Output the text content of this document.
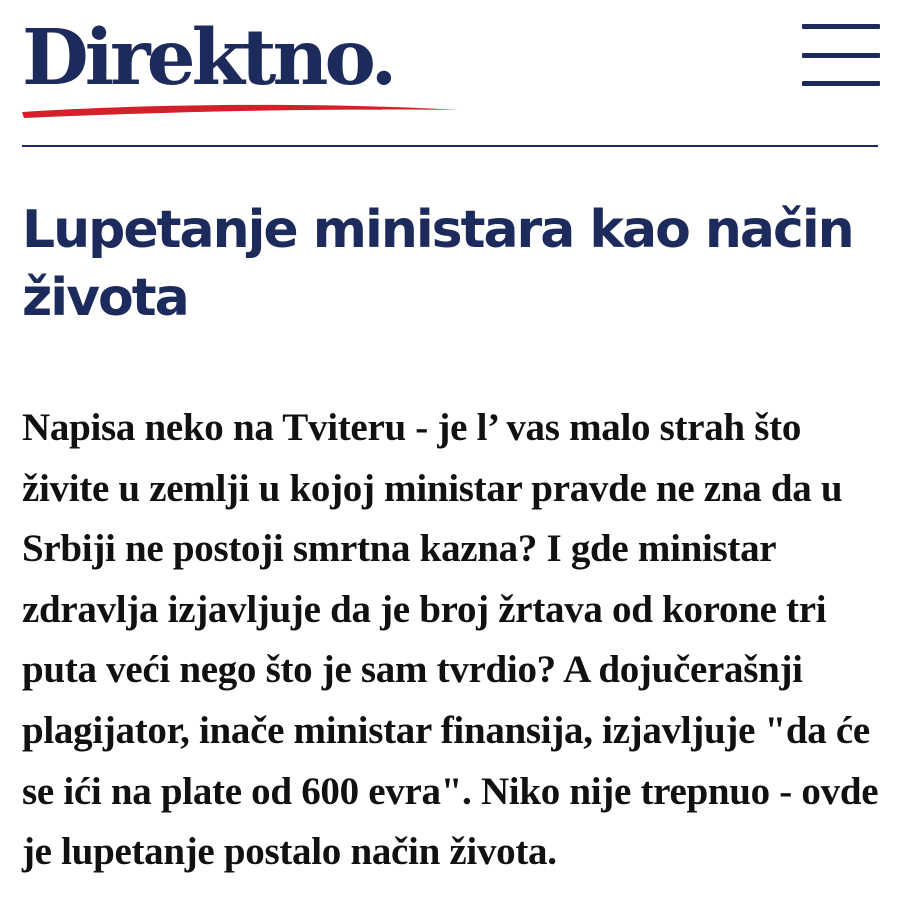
Direktno.
Lupetanje ministara kao način života

Napisa neko na Tviteru - je l’ vas malo strah što živite u zemlji u kojoj ministar pravde ne zna da u Srbiji ne postoji smrtna kazna? I gde ministar zdravlja izjavljuje da je broj žrtava od korone tri puta veći nego što je sam tvrdio? A dojučerašnji plagijator, inače ministar finansija, izjavljuje "da će se ići na plate od 600 evra". Niko nije trepnuo - ovde je lupetanje postalo način života.
